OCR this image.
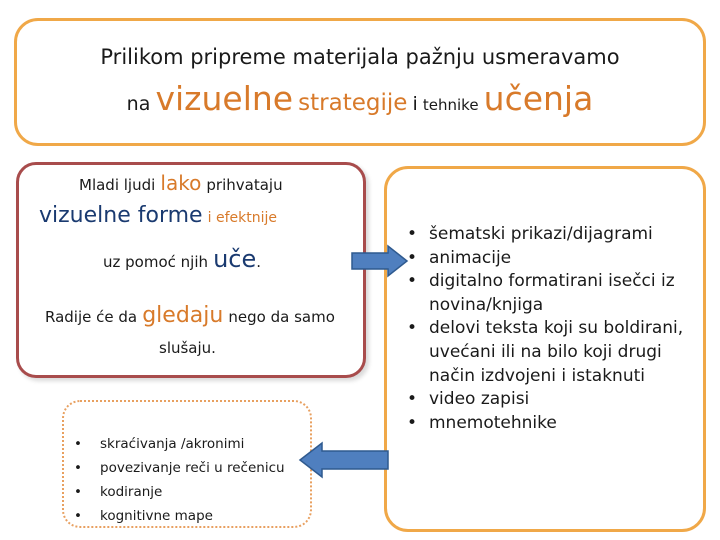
Prilikom pripreme materijala pažnju usmeravamo
na vizuelne strategije i tehnike učenja
Mladi ljudi lako prihvataju
vizuelne forme i efektnije
uz pomoć njih uče.
Radije će da gledaju nego da samo
slušaju.
• skraćivanja /akronimi
• povezivanje reči u rečenicu
• kodiranje
• kognitivne mape
• šematski prikazi/dijagrami
• animacije
• digitalno formatirani isečci iz novina/knjiga
• delovi teksta koji su boldirani, uvećani ili na bilo koji drugi način izdvojeni i istaknuti
• video zapisi
• mnemotehnike
